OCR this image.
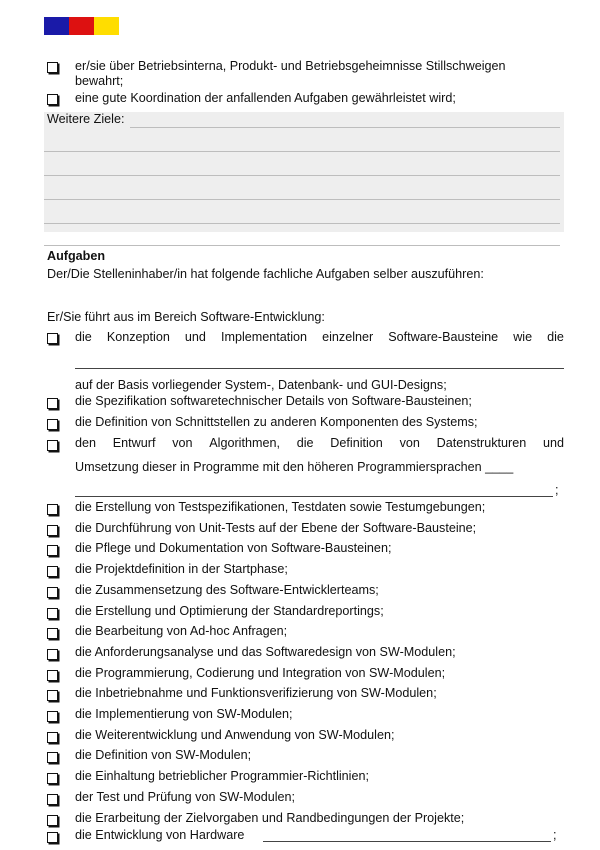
er/sie über Betriebsinterna, Produkt- und Betriebsgeheimnisse Stillschweigen
bewahrt;
eine gute Koordination der anfallenden Aufgaben gewährleistet wird;
Weitere Ziele:
Aufgaben
Der/Die Stelleninhaber/in hat folgende fachliche Aufgaben selber auszuführen:
Er/Sie führt aus im Bereich Software-Entwicklung:
die Konzeption und Implementation einzelner Software-Bausteine wie die
auf der Basis vorliegender System-, Datenbank- und GUI-Designs;
die Spezifikation softwaretechnischer Details von Software-Bausteinen;
die Definition von Schnittstellen zu anderen Komponenten des Systems;
den Entwurf von Algorithmen, die Definition von Datenstrukturen und
Umsetzung dieser in Programme mit den höheren Programmiersprachen ____
;
die Erstellung von Testspezifikationen, Testdaten sowie Testumgebungen;
die Durchführung von Unit-Tests auf der Ebene der Software-Bausteine;
die Pflege und Dokumentation von Software-Bausteinen;
die Projektdefinition in der Startphase;
die Zusammensetzung des Software-Entwicklerteams;
die Erstellung und Optimierung der Standardreportings;
die Bearbeitung von Ad-hoc Anfragen;
die Anforderungsanalyse und das Softwaredesign von SW-Modulen;
die Programmierung, Codierung und Integration von SW-Modulen;
die Inbetriebnahme und Funktionsverifizierung von SW-Modulen;
die Implementierung von SW-Modulen;
die Weiterentwicklung und Anwendung von SW-Modulen;
die Definition von SW-Modulen;
die Einhaltung betrieblicher Programmier-Richtlinien;
der Test und Prüfung von SW-Modulen;
die Erarbeitung der Zielvorgaben und Randbedingungen der Projekte;
die Entwicklung von Hardware	;
